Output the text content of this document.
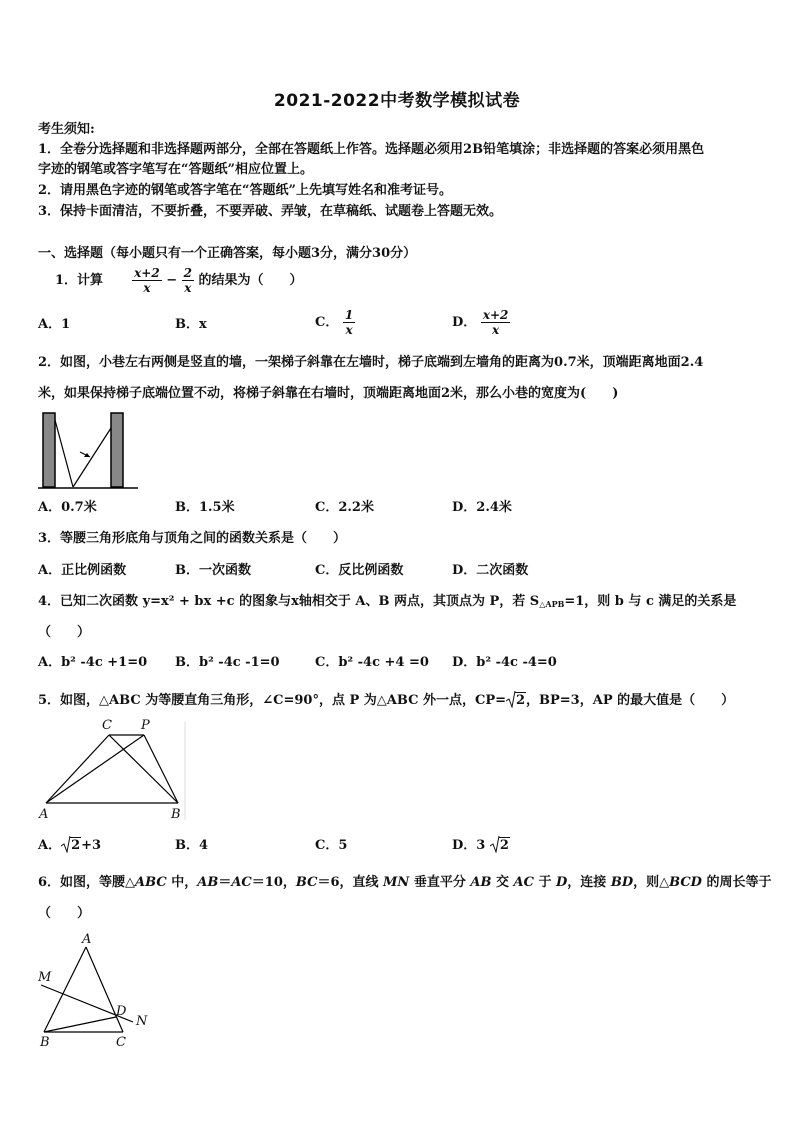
2021-2022中考数学模拟试卷
考生须知:
1．全卷分选择题和非选择题两部分，全部在答题纸上作答。选择题必须用2B铅笔填涂；非选择题的答案必须用黑色
字迹的钢笔或答字笔写在“答题纸”相应位置上。
2．请用黑色字迹的钢笔或答字笔在“答题纸”上先填写姓名和准考证号。
3．保持卡面清洁，不要折叠，不要弄破、弄皱，在草稿纸、试题卷上答题无效。
一、选择题（每小题只有一个正确答案，每小题3分，满分30分）
1．计算 $\frac{x+2}{x} - \frac{2}{x}$ 的结果为（　　）
A．1	B．x	C． $\frac{1}{x}$	D． $\frac{x+2}{x}$
2．如图，小巷左右两侧是竖直的墙，一架梯子斜靠在左墙时，梯子底端到左墙角的距离为0.7米，顶端距离地面2.4
米，如果保持梯子底端位置不动，将梯子斜靠在右墙时，顶端距离地面2米，那么小巷的宽度为(　　)
A．0.7米	B．1.5米	C．2.2米	D．2.4米
3．等腰三角形底角与顶角之间的函数关系是（　　）
A．正比例函数	B．一次函数	C．反比例函数	D．二次函数
4．已知二次函数 y=x² + bx +c 的图象与x轴相交于 A、B 两点，其顶点为 P，若 $S_{\triangle APB}=1$，则 b 与 c 满足的关系是
（　　）
A．b² -4c +1=0 B．b² -4c -1=0	C．b² -4c +4 =0 D．b² -4c -4=0
5．如图，△ABC 为等腰直角三角形，∠C=90°，点 P 为△ABC 外一点，CP= 2，BP=3，AP 的最大值是（　　）
C P
A	B
A． 2+3	B．4	C．5	D．3 2
6．如图，等腰△ABC 中，AB＝AC＝10，BC＝6，直线 MN 垂直平分 AB 交 AC 于 D，连接 BD，则△BCD 的周长等于
（　　）
A
M
D
N
B	C
